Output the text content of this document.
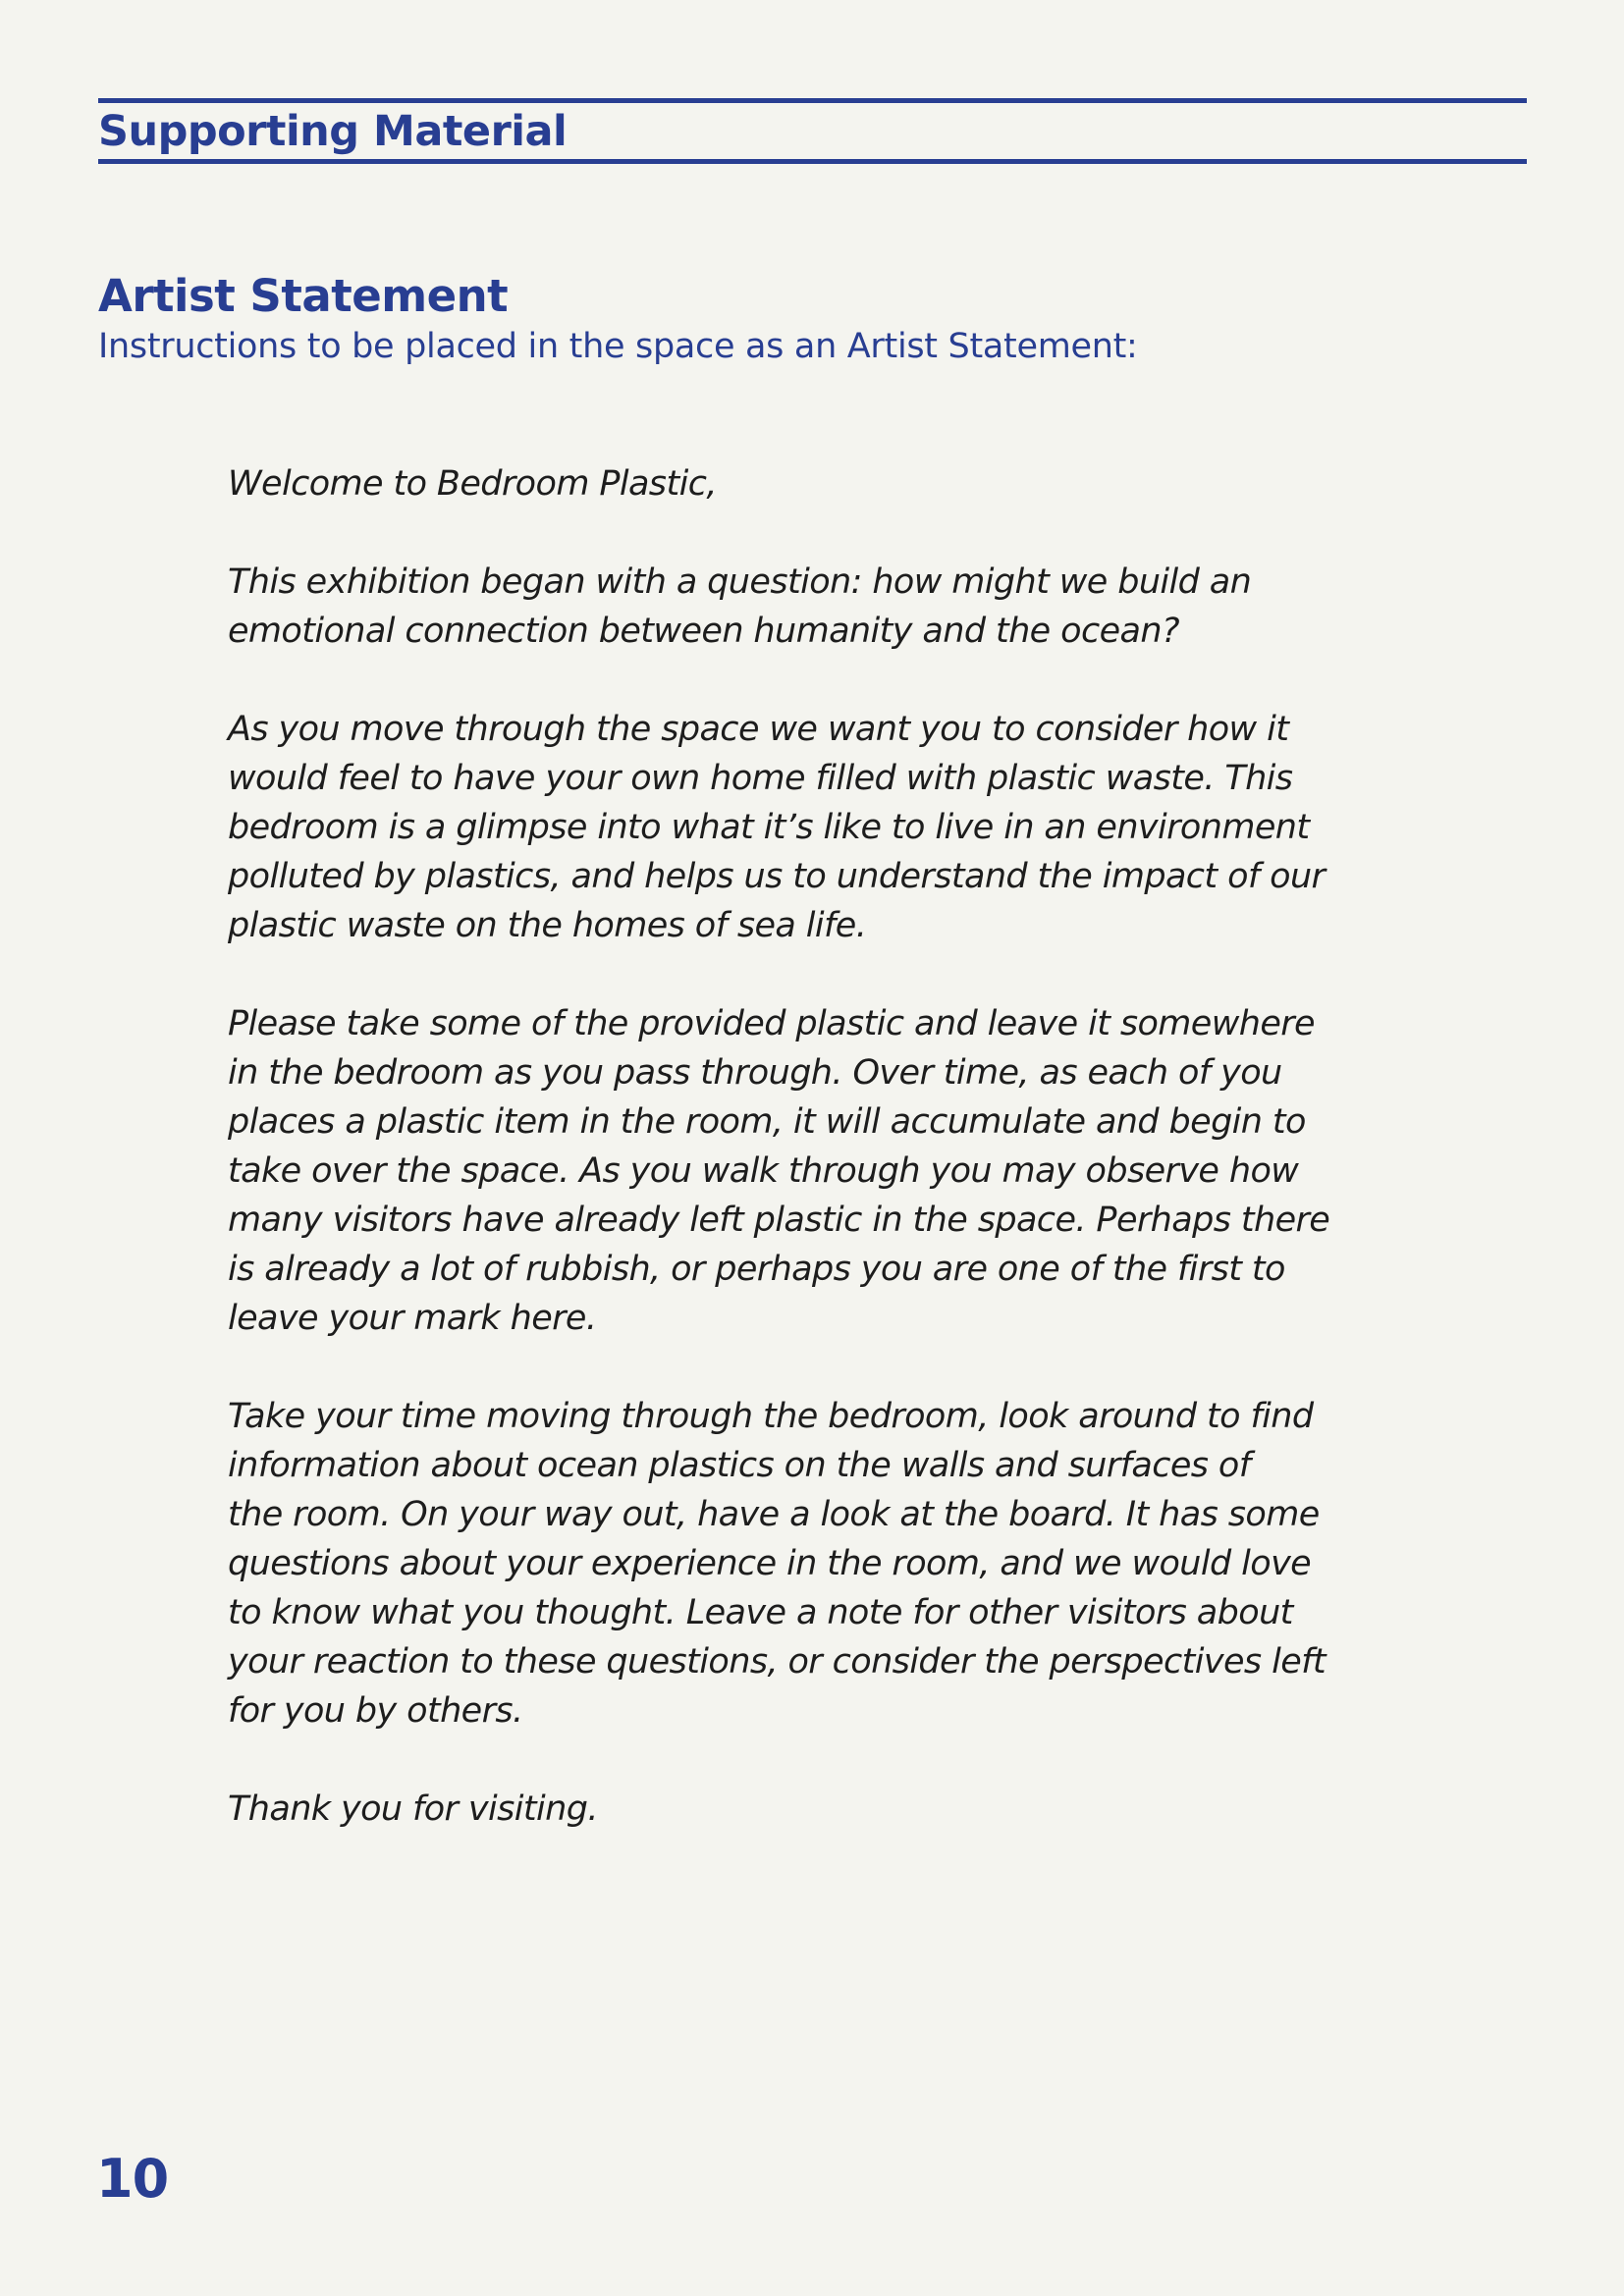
Supporting Material
Artist Statement
Instructions to be placed in the space as an Artist Statement:

Welcome to Bedroom Plastic,

This exhibition began with a question: how might we build an
emotional connection between humanity and the ocean?

As you move through the space we want you to consider how it
would feel to have your own home filled with plastic waste. This
bedroom is a glimpse into what it’s like to live in an environment
polluted by plastics, and helps us to understand the impact of our
plastic waste on the homes of sea life.

Please take some of the provided plastic and leave it somewhere
in the bedroom as you pass through. Over time, as each of you
places a plastic item in the room, it will accumulate and begin to
take over the space. As you walk through you may observe how
many visitors have already left plastic in the space. Perhaps there
is already a lot of rubbish, or perhaps you are one of the first to
leave your mark here.

Take your time moving through the bedroom, look around to find
information about ocean plastics on the walls and surfaces of
the room. On your way out, have a look at the board. It has some
questions about your experience in the room, and we would love
to know what you thought. Leave a note for other visitors about
your reaction to these questions, or consider the perspectives left
for you by others.

Thank you for visiting.

10
